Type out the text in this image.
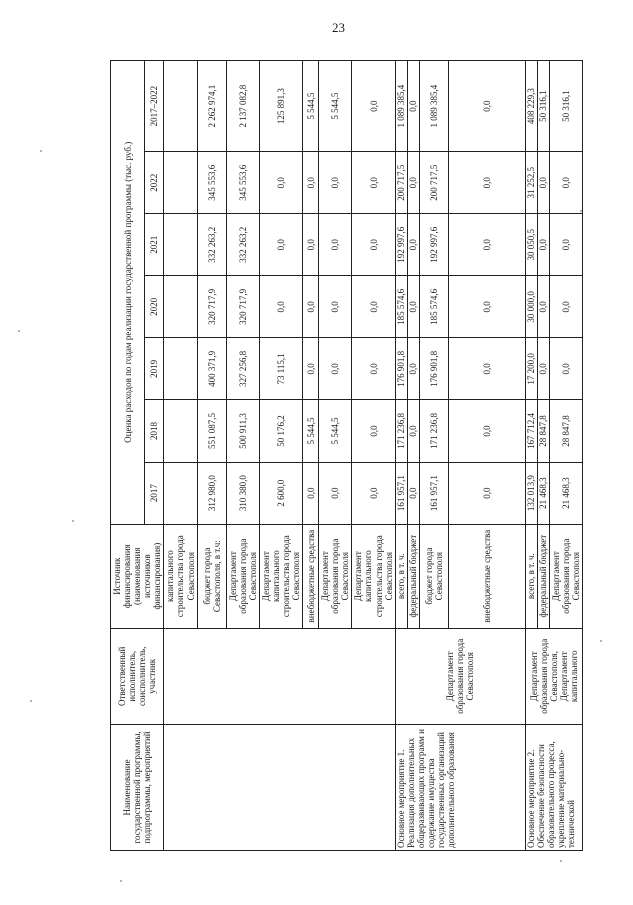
23
Наименование государственной программы, подпрограммы, мероприятий	Ответственный исполнитель, соисполнитель, участник	Источник финансирования (наименования источников финансирования)	Оценка расходов по годам реализации государственной программы (тыс. руб.)						
			2017	2018	2019	2020	2021	2022	2017–2022
		капитального строительства города Севастополя							
		бюджет города Севастополя, в т.ч:	312 980,0	551 087,5	400 371,9	320 717,9	332 263,2	345 553,6	2 262 974,1
		Департамент образования города Севастополя	310 380,0	500 911,3	327 256,8	320 717,9	332 263,2	345 553,6	2 137 082,8
		Департамент капитального строительства города Севастополя	2 600,0	50 176,2	73 115,1	0,0	0,0	0,0	125 891,3
		внебюджетные средства	0,0	5 544,5	0,0	0,0	0,0	0,0	5 544,5
		Департамент образования города Севастополя	0,0	5 544,5	0,0	0,0	0,0	0,0	5 544,5
		Департамент капитального строительства города Севастополя	0,0	0,0	0,0	0,0	0,0	0,0	0,0
Основное мероприятие 1. Реализация дополнительных общеразвивающих программ и содержание имущества государственных организаций дополнительного образования	Департамент образования города Севастополя	всего, в т. ч.	161 957,1	171 236,8	176 901,8	185 574,6	192 997,6	200 717,5	1 089 385,4
		федеральный бюджет	0,0	0,0	0,0	0,0	0,0	0,0	0,0
		бюджет города Севастополя	161 957,1	171 236,8	176 901,8	185 574,6	192 997,6	200 717,5	1 089 385,4
		внебюджетные средства	0,0	0,0	0,0	0,0	0,0	0,0	0,0
Основное мероприятие 2. Обеспечение безопасности образовательного процесса, укрепление материально-технической	Департамент образования города Севастополя, Департамент капитального	всего, в т. ч.	132 013,9	167 712,4	17 200,0	30 000,0	30 050,5	31 252,5	408 229,3
		федеральный бюджет	21 468,3	28 847,8	0,0	0,0	0,0	0,0	50 316,1
		Департамент образования города Севастополя	21 468,3	28 847,8	0,0	0,0	0,0	0,0	50 316,1
